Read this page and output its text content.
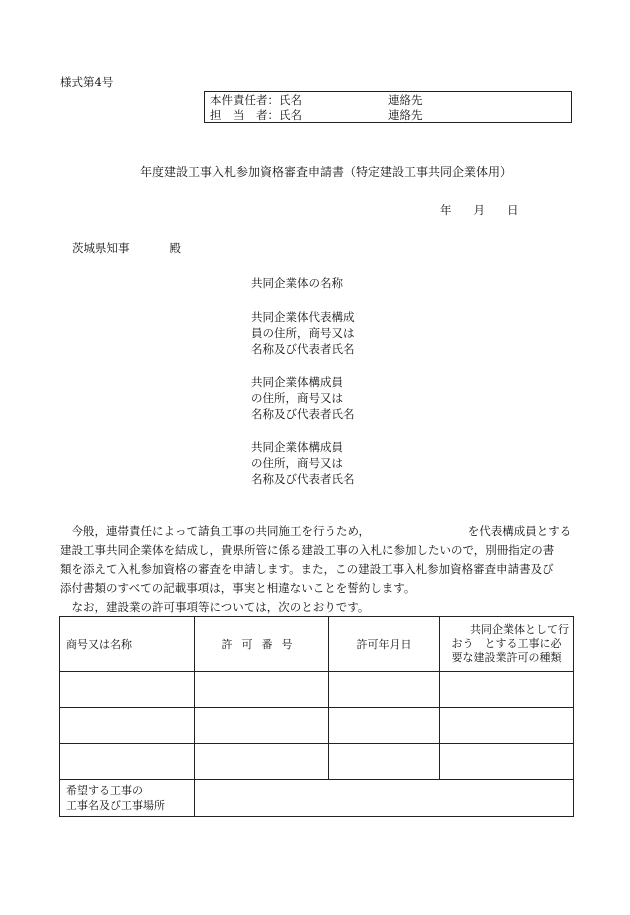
様式第4号
本件責任者：氏名	連絡先
担　当　者：氏名	連絡先
年度建設工事入札参加資格審査申請書（特定建設工事共同企業体用）
年 月 日
茨城県知事	殿
共同企業体の名称
共同企業体代表構成
員の住所，商号又は
名称及び代表者氏名
共同企業体構成員
の住所，商号又は
名称及び代表者氏名
共同企業体構成員
の住所，商号又は
名称及び代表者氏名
　今般，連帯責任によって請負工事の共同施工を行うため，　　　　　　　　　を代表構成員とする
建設工事共同企業体を結成し，貴県所管に係る建設工事の入札に参加したいので，別冊指定の書
類を添えて入札参加資格の審査を申請します。また，この建設工事入札参加資格審査申請書及び
添付書類のすべての記載事項は，事実と相違ないことを誓約します。
　なお，建設業の許可事項等については，次のとおりです。
商号又は名称	許可番号	許可年月日	共同企業体として行
おう　とする工事に必
要な建設業許可の種類

希望する工事の
工事名及び工事場所			
